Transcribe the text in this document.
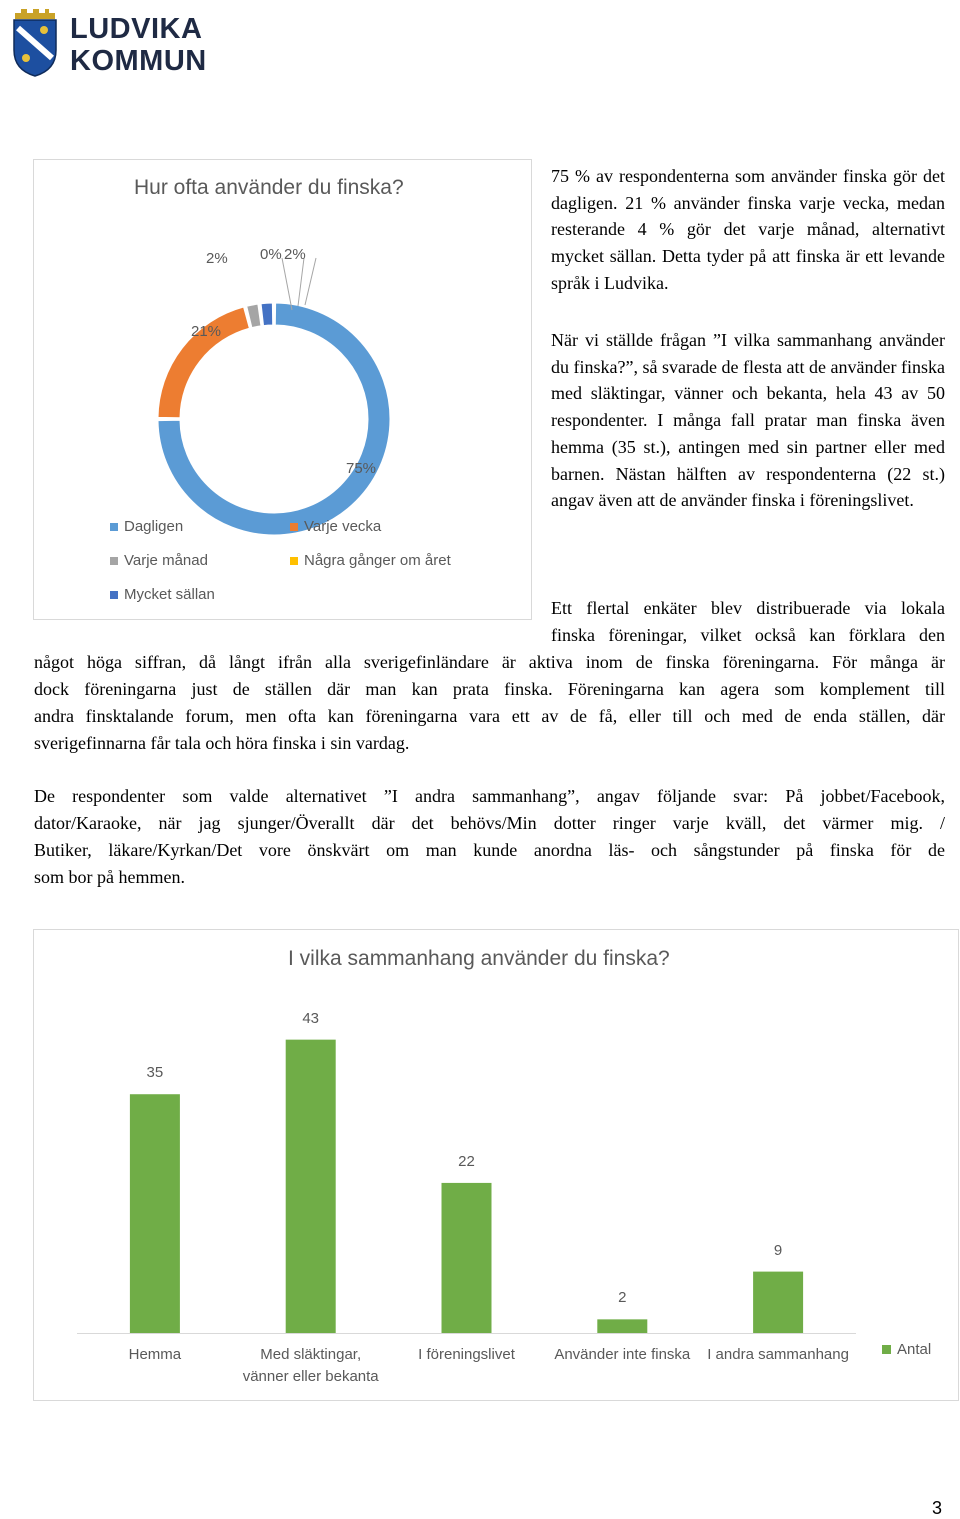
LUDVIKA
KOMMUN
Hur ofta använder du finska?
75%
21%
2% 0% 2%
Dagligen	Varje vecka
Varje månad	Några gånger om året
Mycket sällan
75 % av respondenterna som använder finska gör det dagligen. 21 % använder finska varje vecka, medan resterande 4 % gör det varje månad, alternativt mycket sällan. Detta tyder på att finska är ett levande språk i Ludvika.
När vi ställde frågan ”I vilka sammanhang använder du finska?”, så svarade de flesta att de använder finska med släktingar, vänner och bekanta, hela 43 av 50 respondenter. I många fall pratar man finska även hemma (35 st.), antingen med sin partner eller med barnen. Nästan hälften av respondenterna (22 st.) angav även att de använder finska i föreningslivet.
Ett flertal enkäter blev distribuerade via lokala
finska föreningar, vilket också kan förklara den
något höga siffran, då långt ifrån alla sverigefinländare är aktiva inom de finska föreningarna. För många är
dock föreningarna just de ställen där man kan prata finska. Föreningarna kan agera som komplement till
andra finsktalande forum, men ofta kan föreningarna vara ett av de få, eller till och med de enda ställen, där
sverigefinnarna får tala och höra finska i sin vardag.
De respondenter som valde alternativet ”I andra sammanhang”, angav följande svar: På jobbet/Facebook,
dator/Karaoke, när jag sjunger/Överallt där det behövs/Min dotter ringer varje kväll, det värmer mig. /
Butiker, läkare/Kyrkan/Det vore önskvärt om man kunde anordna läs- och sångstunder på finska för de
som bor på hemmen.
I vilka sammanhang använder du finska?
35
Hemma
43
Med släktingar,
vänner eller bekanta
22
I föreningslivet
2
Använder inte finska
9
I andra sammanhang	Antal
3
